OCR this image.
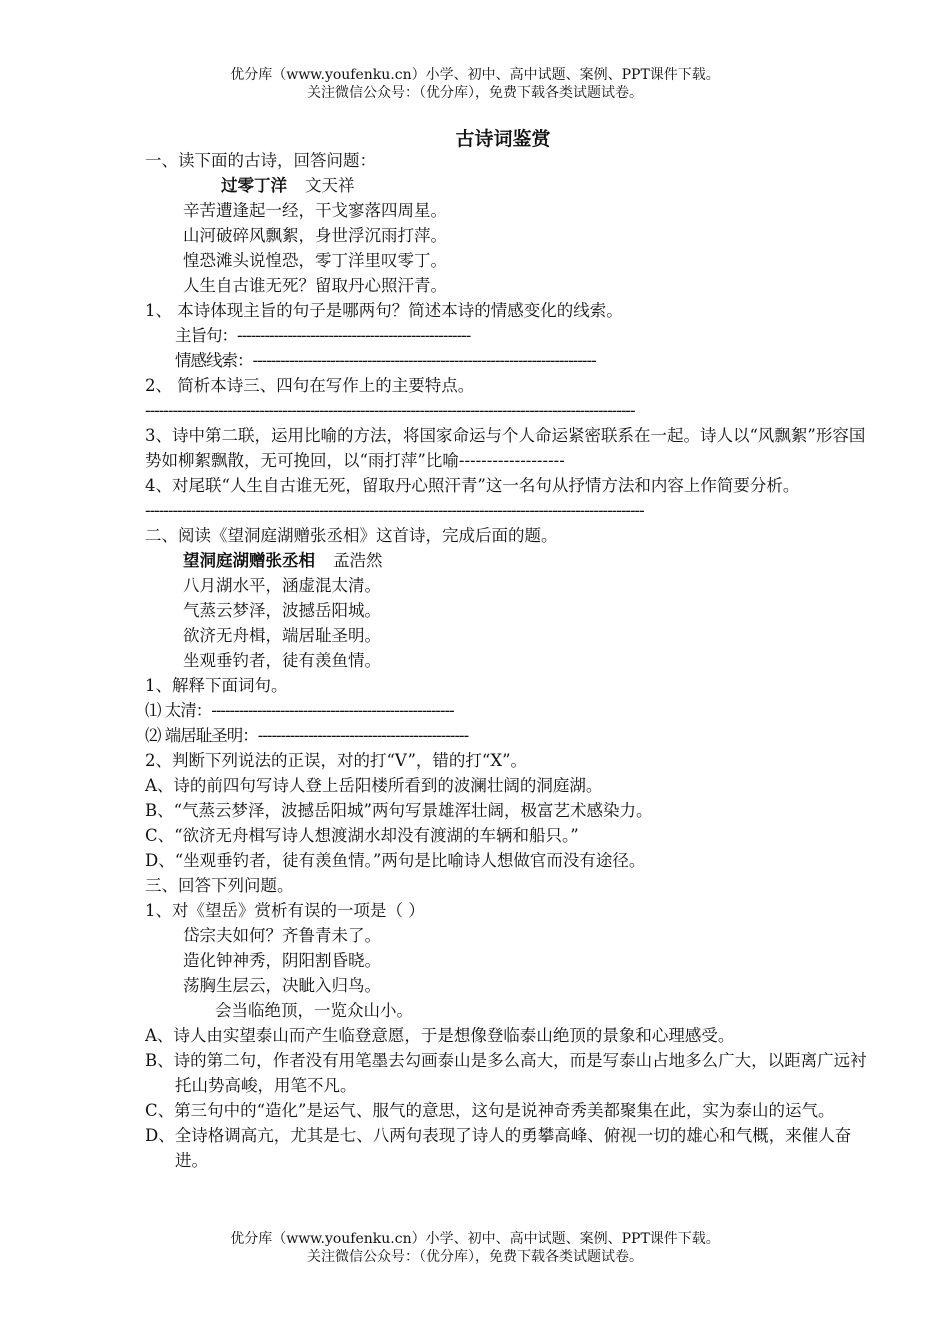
优分库（www.youfenku.cn）小学、初中、高中试题、案例、PPT课件下载。
关注微信公众号：（优分库），免费下载各类试题试卷。
古诗词鉴赏
一、读下面的古诗，回答问题：
过零丁洋 文天祥
辛苦遭逢起一经，干戈寥落四周星。
山河破碎风飘絮，身世浮沉雨打萍。
惶恐滩头说惶恐，零丁洋里叹零丁。
人生自古谁无死？留取丹心照汗青。
1、 本诗体现主旨的句子是哪两句？简述本诗的情感变化的线索。
主旨句：---------------------------------------------------
情感线索：---------------------------------------------------------------------------
2、 简析本诗三、四句在写作上的主要特点。
-----------------------------------------------------------------------------------------------------------
3、诗中第二联，运用比喻的方法，将国家命运与个人命运紧密联系在一起。诗人以“风飘絮”形容国势如柳絮飘散，无可挽回，以“雨打萍”比喻-------------------
4、对尾联“人生自古谁无死，留取丹心照汗青”这一名句从抒情方法和内容上作简要分析。
-------------------------------------------------------------------------------------------------------------
二、阅读《望洞庭湖赠张丞相》这首诗，完成后面的题。
望洞庭湖赠张丞相 孟浩然
八月湖水平，涵虚混太清。
气蒸云梦泽，波撼岳阳城。
欲济无舟楫，端居耻圣明。
坐观垂钓者，徒有羡鱼情。
1、解释下面词句。
⑴ 太清：-----------------------------------------------------
⑵ 端居耻圣明：----------------------------------------------
2、判断下列说法的正误，对的打“V”，错的打“X”。
A、诗的前四句写诗人登上岳阳楼所看到的波澜壮阔的洞庭湖。
B、“气蒸云梦泽，波撼岳阳城”两句写景雄浑壮阔，极富艺术感染力。
C、“欲济无舟楫写诗人想渡湖水却没有渡湖的车辆和船只。”
D、“坐观垂钓者，徒有羡鱼情。”两句是比喻诗人想做官而没有途径。
三、回答下列问题。
1、对《望岳》赏析有误的一项是（ ）
岱宗夫如何？齐鲁青未了。
造化钟神秀，阴阳割昏晓。
荡胸生层云，决眦入归鸟。
会当临绝顶，一览众山小。
A、诗人由实望泰山而产生临登意愿，于是想像登临泰山绝顶的景象和心理感受。
B、诗的第二句，作者没有用笔墨去勾画泰山是多么高大，而是写泰山占地多么广大，以距离广远衬托山势高峻，用笔不凡。
C、第三句中的“造化”是运气、服气的意思，这句是说神奇秀美都聚集在此，实为泰山的运气。
D、全诗格调高亢，尤其是七、八两句表现了诗人的勇攀高峰、俯视一切的雄心和气概，来催人奋进。
优分库（www.youfenku.cn）小学、初中、高中试题、案例、PPT课件下载。
关注微信公众号：（优分库），免费下载各类试题试卷。
